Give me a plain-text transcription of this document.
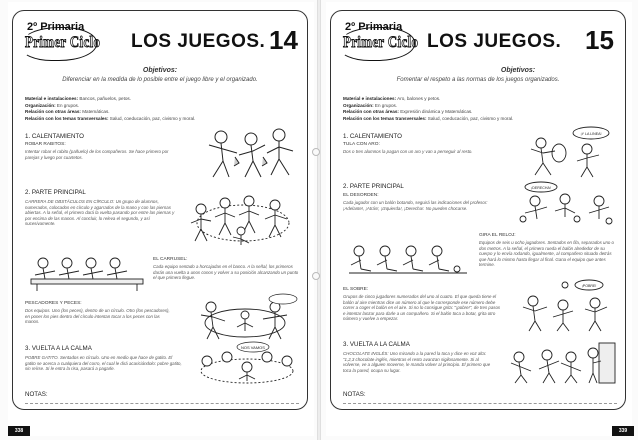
2º Primaria
Primer Ciclo LOS JUEGOS. 14
Objetivos:
Diferenciar en la medida de lo posible entre el juego libre y el organizado.
Material e instalaciones: Bancos, pañuelos, petos.
Organización: En grupos.
Relación con otras áreas: Matemáticas.
Relación con los temas transversales: Salud, coeducación, paz, civismo y moral.
1. CALENTAMIENTO
ROBAR RABITOS:
Intentar robar el rabito (pañuelo) de los compañeros. Se hace primero por parejas y luego por cuartetos.
2. PARTE PRINCIPAL
CARRERA DE OBSTÁCULOS EN CÍRCULO: Un grupo de alumnos, numerados, colocados en círculo y agarrados de la mano y con las piernas abiertas. A la señal, el primero dará la vuelta pasando por entre las piernas y por encima de las manos. Al concluir, lo releva el segundo, y así sucesivamente.
EL CARRUSEL:
Cada equipo sentado a horcajadas en el banco. A la señal, los primeros darán una vuelta a unos conos y volver a su posición alcanzando un punto el que primero llegue.
PESCADORES Y PECES:
Dos equipos. Uno (los peces), dentro de un círculo. Otro (los pescadores), en poner los pies dentro del círculo intentan tocar a los peces con las manos.
3. VUELTA A LA CALMA
POBRE GATITO. Sentados en círculo. Uno en medio que hace de gatito. El gatito se acerca a cualquiera del corro, el cual le dirá acariciándolo: pobre gatito, sin reírse. Si le entra la risa, pasará a pagarle.
NOS VAMOS
NOTAS:
338
2º Primaria
Primer Ciclo LOS JUEGOS. 15
Objetivos:
Fomentar el respeto a las normas de los juegos organizados.
Material e instalaciones: Aro, balones y petos.
Organización: En grupos.
Relación con otras áreas: Expresión dinámica y Matemáticas.
Relación con los temas transversales: Salud, coeducación, paz, civismo y moral.
1. CALENTAMIENTO
TULA CON ARO:
Dos o tres alumnos la pagan con un aro y van a perseguir al resto.
¡Y LA LINEA!
2. PARTE PRINCIPAL
EL DESORDEN:
Cada jugador con un balón botando, seguirá las indicaciones del profesor: ¡Adelante!, ¡Atrás!, ¡Izquierda!, ¡Derecha!. No pueden chocarse.
¡DERECHA!
GIRA EL RELOJ:
Equipos de seis u ocho jugadores. Sentados en fila, separados uno o dos metros. A la señal, el primero rueda el balón alrededor de su cuerpo y lo envía rodando, igualmente, al compañero situado detrás que hará lo mismo hasta llegar al final. Gana el equipo que antes termine.
EL SOBRE:
Grupos de cinco jugadores numerados del uno al cuatro. El que queda tiene el balón al aire mientras dice un número al que le corresponde ese número debe correr a coger el balón en el aire. Si no lo consigue grita: "¡pobre!", de tres pasos e intentar lanzar para darle a un compañero. Si el balón toca a botar, grita otro número y vuelve a empezar.
¡POBRE!
3. VUELTA A LA CALMA
CHOCOLATE INGLÉS: Uno mirando a la pared la toca y dice en voz alta: "1,2,3 chocolate inglés, mientras el resto avanzan sigilosamente. Si al volverse, ve a alguien moverse, le manda volver al principio. El primero que toca la pared, ocupa su lugar.
NOTAS:
339
